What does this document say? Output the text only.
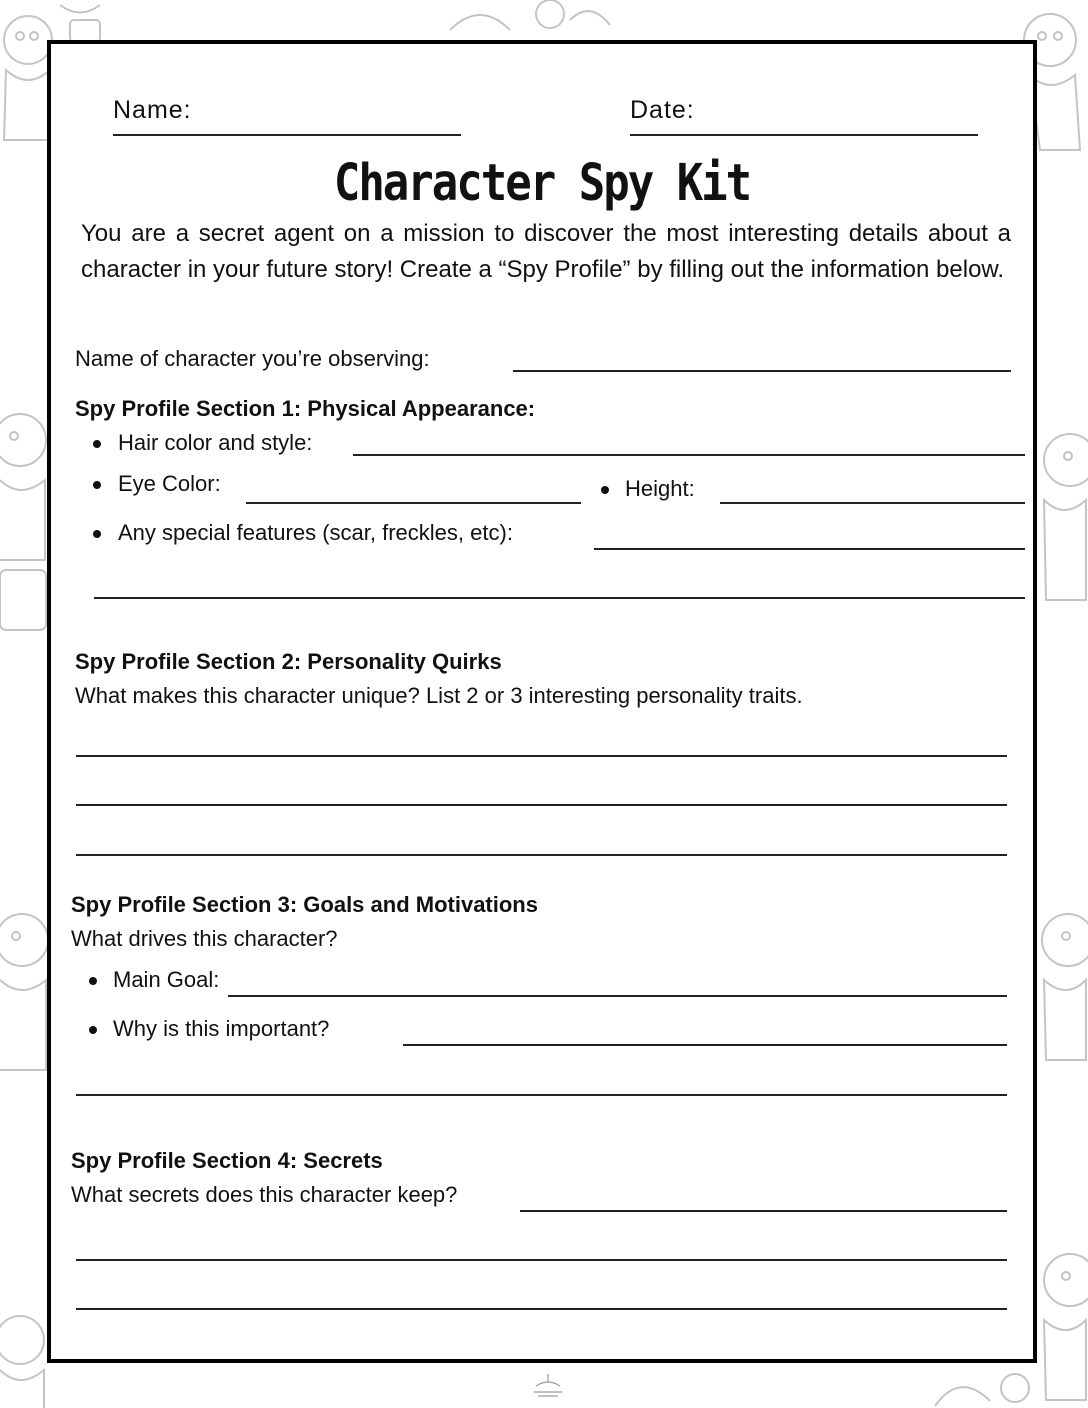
Name:	Date:
Character Spy Kit
You are a secret agent on a mission to discover the most interesting details about a character in your future story! Create a “Spy Profile” by filling out the information below.
Name of character you’re observing:
Spy Profile Section 1: Physical Appearance:
Hair color and style:
Eye Color:	Height:
Any special features (scar, freckles, etc):
Spy Profile Section 2: Personality Quirks
What makes this character unique? List 2 or 3 interesting personality traits.
Spy Profile Section 3: Goals and Motivations
What drives this character?
Main Goal:
Why is this important?
Spy Profile Section 4: Secrets
What secrets does this character keep?
